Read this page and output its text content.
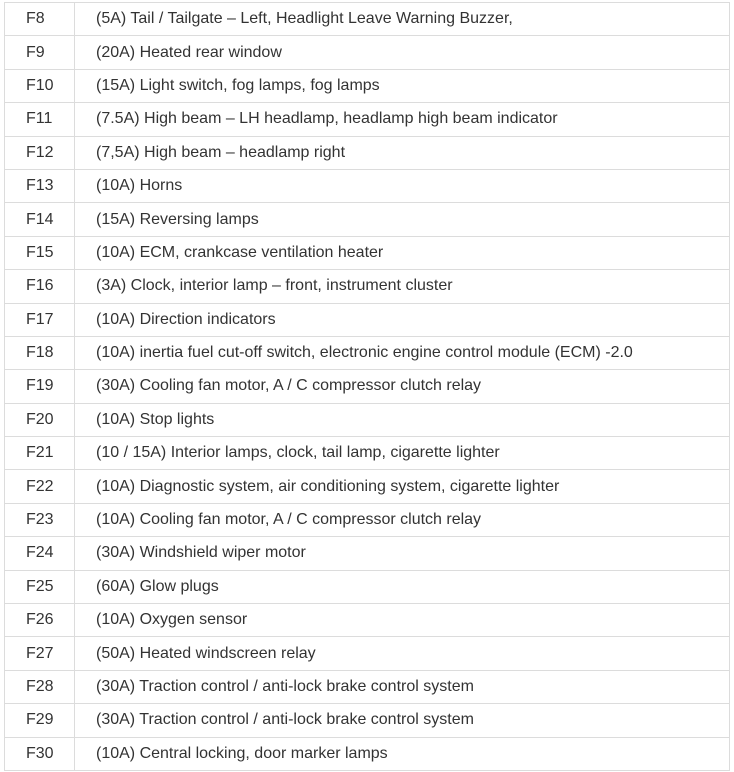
F8	(5A) Tail / Tailgate – Left, Headlight Leave Warning Buzzer,
F9	(20A) Heated rear window
F10	(15A) Light switch, fog lamps, fog lamps
F11	(7.5A) High beam – LH headlamp, headlamp high beam indicator
F12	(7,5A) High beam – headlamp right
F13	(10A) Horns
F14	(15A) Reversing lamps
F15	(10A) ECM, crankcase ventilation heater
F16	(3A) Clock, interior lamp – front, instrument cluster
F17	(10A) Direction indicators
F18	(10A) inertia fuel cut-off switch, electronic engine control module (ECM) -2.0
F19	(30A) Cooling fan motor, A / C compressor clutch relay
F20	(10A) Stop lights
F21	(10 / 15A) Interior lamps, clock, tail lamp, cigarette lighter
F22	(10A) Diagnostic system, air conditioning system, cigarette lighter
F23	(10A) Cooling fan motor, A / C compressor clutch relay
F24	(30A) Windshield wiper motor
F25	(60A) Glow plugs
F26	(10A) Oxygen sensor
F27	(50A) Heated windscreen relay
F28	(30A) Traction control / anti-lock brake control system
F29	(30A) Traction control / anti-lock brake control system
F30	(10A) Central locking, door marker lamps
